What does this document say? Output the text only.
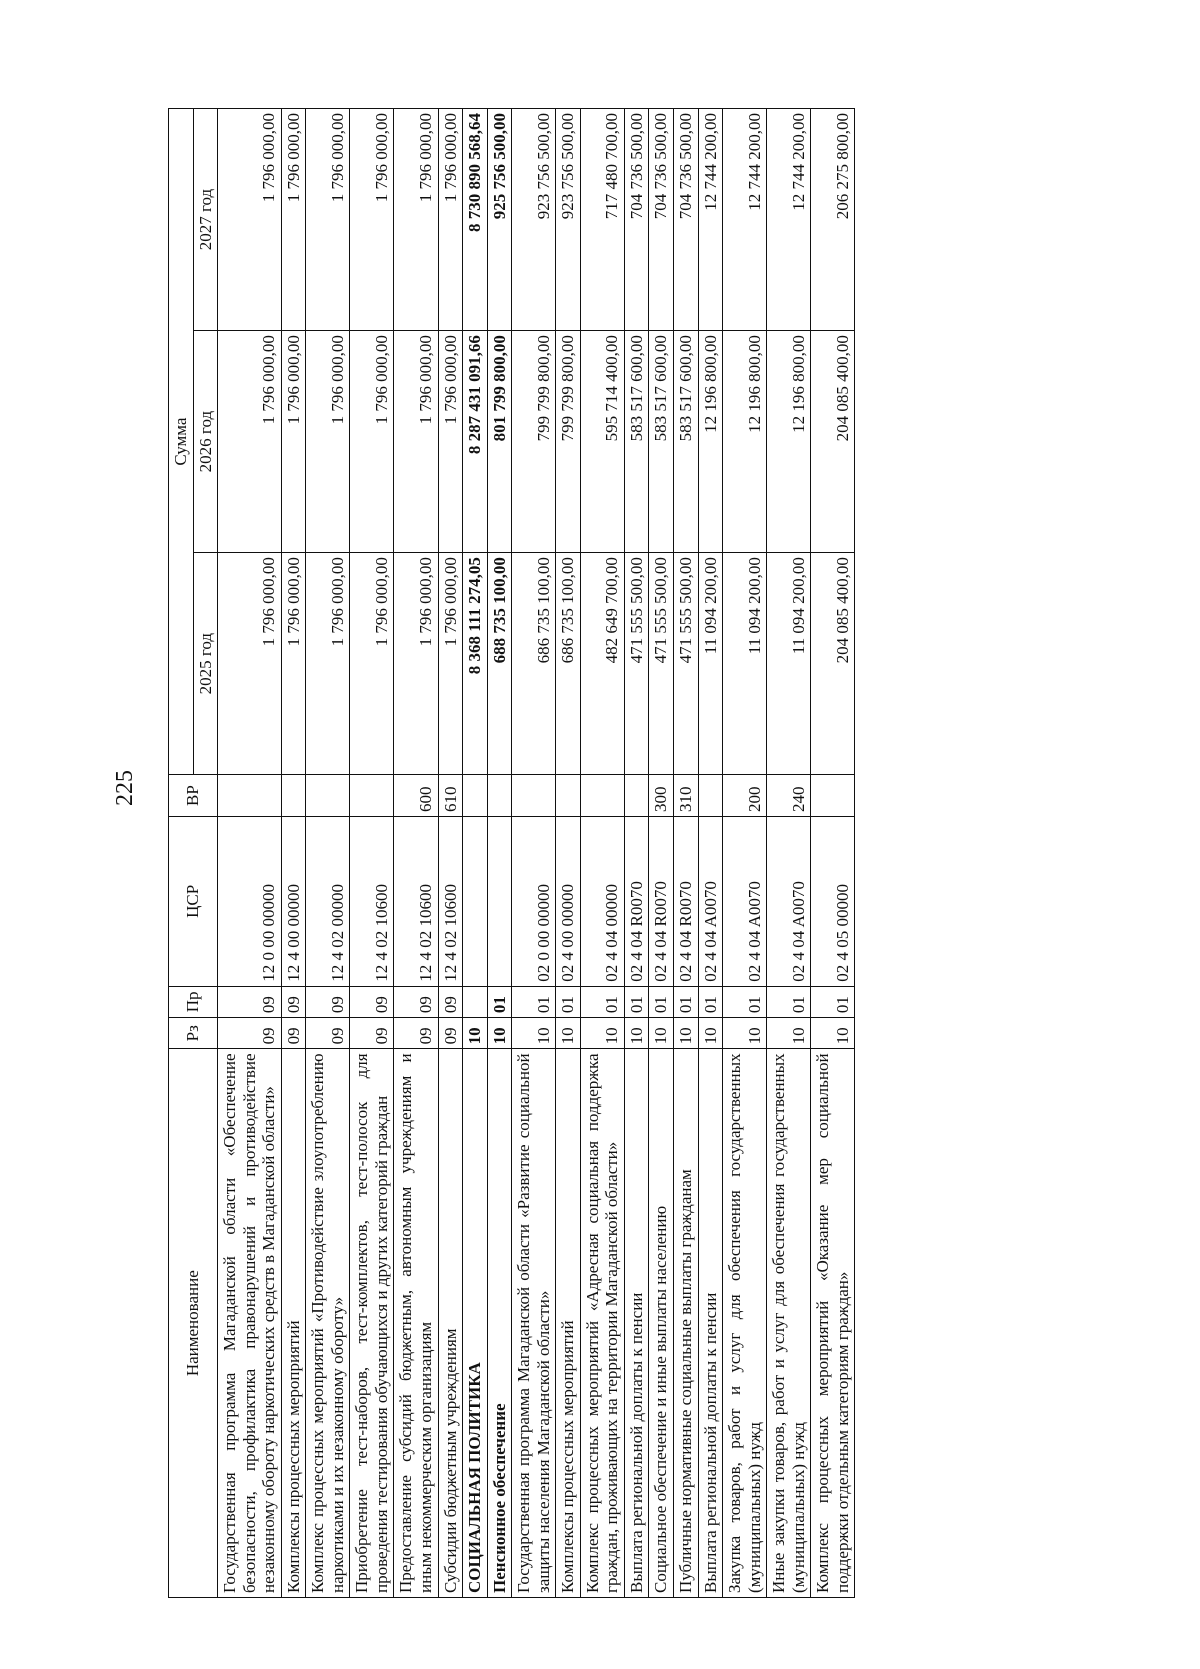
225
Наименование	Рз	Пр	ЦСР	ВР	Сумма		
					2025 год	2026 год	2027 год
Государственная программа Магаданской области «Обеспечение безопасности, профилактика правонарушений и противодействие незаконному обороту наркотических средств в Магаданской области»	09	09	12 0 00 00000		1 796 000,00	1 796 000,00	1 796 000,00
Комплексы процессных мероприятий	09	09	12 4 00 00000		1 796 000,00	1 796 000,00	1 796 000,00
Комплекс процессных мероприятий «Противодействие злоупотреблению наркотиками и их незаконному обороту»	09	09	12 4 02 00000		1 796 000,00	1 796 000,00	1 796 000,00
Приобретение тест-наборов, тест-комплектов, тест-полосок для проведения тестирования обучающихся и других категорий граждан	09	09	12 4 02 10600		1 796 000,00	1 796 000,00	1 796 000,00
Предоставление субсидий бюджетным, автономным учреждениям и иным некоммерческим организациям	09	09	12 4 02 10600	600	1 796 000,00	1 796 000,00	1 796 000,00
Субсидии бюджетным учреждениям	09	09	12 4 02 10600	610	1 796 000,00	1 796 000,00	1 796 000,00
СОЦИАЛЬНАЯ ПОЛИТИКА	10				8 368 111 274,05	8 287 431 091,66	8 730 890 568,64
Пенсионное обеспечение	10	01			688 735 100,00	801 799 800,00	925 756 500,00
Государственная программа Магаданской области «Развитие социальной защиты населения Магаданской области»	10	01	02 0 00 00000		686 735 100,00	799 799 800,00	923 756 500,00
Комплексы процессных мероприятий	10	01	02 4 00 00000		686 735 100,00	799 799 800,00	923 756 500,00
Комплекс процессных мероприятий «Адресная социальная поддержка граждан, проживающих на территории Магаданской области»	10	01	02 4 04 00000		482 649 700,00	595 714 400,00	717 480 700,00
Выплата региональной доплаты к пенсии	10	01	02 4 04 R0070		471 555 500,00	583 517 600,00	704 736 500,00
Социальное обеспечение и иные выплаты населению	10	01	02 4 04 R0070	300	471 555 500,00	583 517 600,00	704 736 500,00
Публичные нормативные социальные выплаты гражданам	10	01	02 4 04 R0070	310	471 555 500,00	583 517 600,00	704 736 500,00
Выплата региональной доплаты к пенсии	10	01	02 4 04 A0070		11 094 200,00	12 196 800,00	12 744 200,00
Закупка товаров, работ и услуг для обеспечения государственных (муниципальных) нужд	10	01	02 4 04 A0070	200	11 094 200,00	12 196 800,00	12 744 200,00
Иные закупки товаров, работ и услуг для обеспечения государственных (муниципальных) нужд	10	01	02 4 04 A0070	240	11 094 200,00	12 196 800,00	12 744 200,00
Комплекс процессных мероприятий «Оказание мер социальной поддержки отдельным категориям граждан»	10	01	02 4 05 00000		204 085 400,00	204 085 400,00	206 275 800,00
